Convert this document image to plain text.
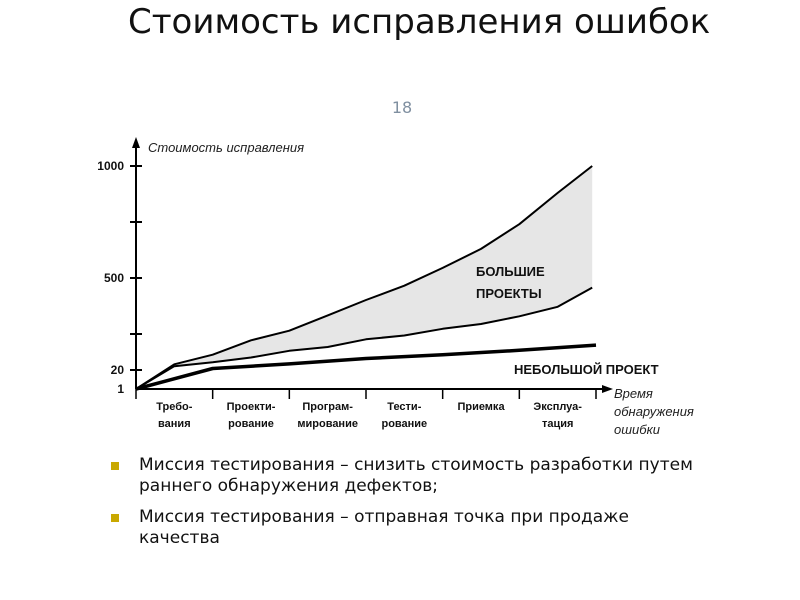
Стоимость исправления ошибок
18
1000
500
20
1
Стоимость исправления
Требо-
вания
Проекти-
рование
Програм-
мирование
Тести-
рование
Приемка	Эксплуа-
тация
Время
обнаружения
ошибки
БОЛЬШИЕ
ПРОЕКТЫ
НЕБОЛЬШОЙ ПРОЕКТ
Миссия тестирования – снизить стоимость разработки путем раннего обнаружения дефектов;
Миссия тестирования – отправная точка при продаже качества
